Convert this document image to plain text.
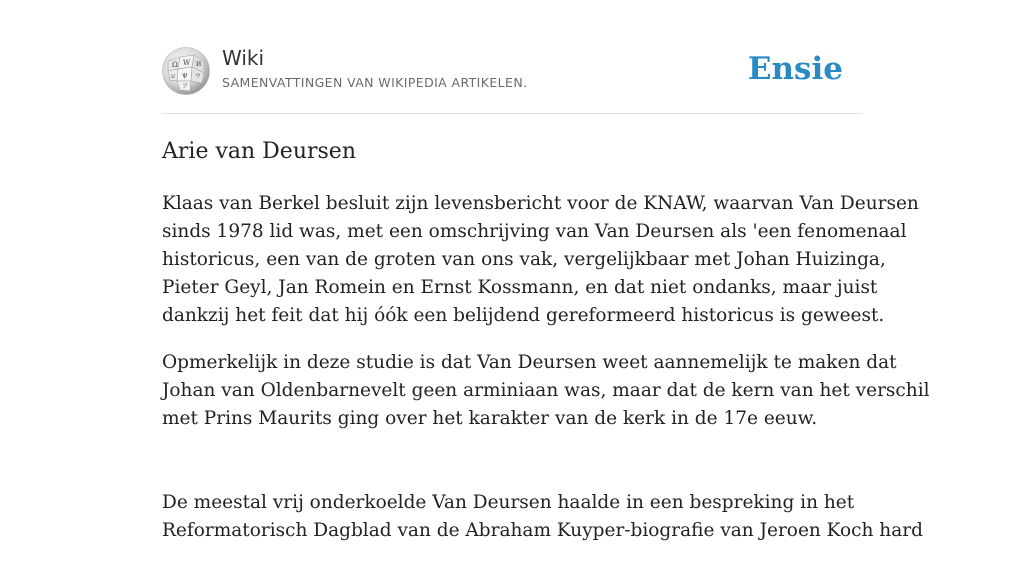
Ω W И
ש ψ ウ
ア
Wiki
SAMENVATTINGEN VAN WIKIPEDIA ARTIKELEN.	Ensie
Arie van Deursen

Klaas van Berkel besluit zijn levensbericht voor de KNAW, waarvan Van Deursen
sinds 1978 lid was, met een omschrijving van Van Deursen als 'een fenomenaal
historicus, een van de groten van ons vak, vergelijkbaar met Johan Huizinga,
Pieter Geyl, Jan Romein en Ernst Kossmann, en dat niet ondanks, maar juist
dankzij het feit dat hij óók een belijdend gereformeerd historicus is geweest.

Opmerkelijk in deze studie is dat Van Deursen weet aannemelijk te maken dat
Johan van Oldenbarnevelt geen arminiaan was, maar dat de kern van het verschil
met Prins Maurits ging over het karakter van de kerk in de 17e eeuw.

De meestal vrij onderkoelde Van Deursen haalde in een bespreking in het
Reformatorisch Dagblad van de Abraham Kuyper-biografie van Jeroen Koch hard
